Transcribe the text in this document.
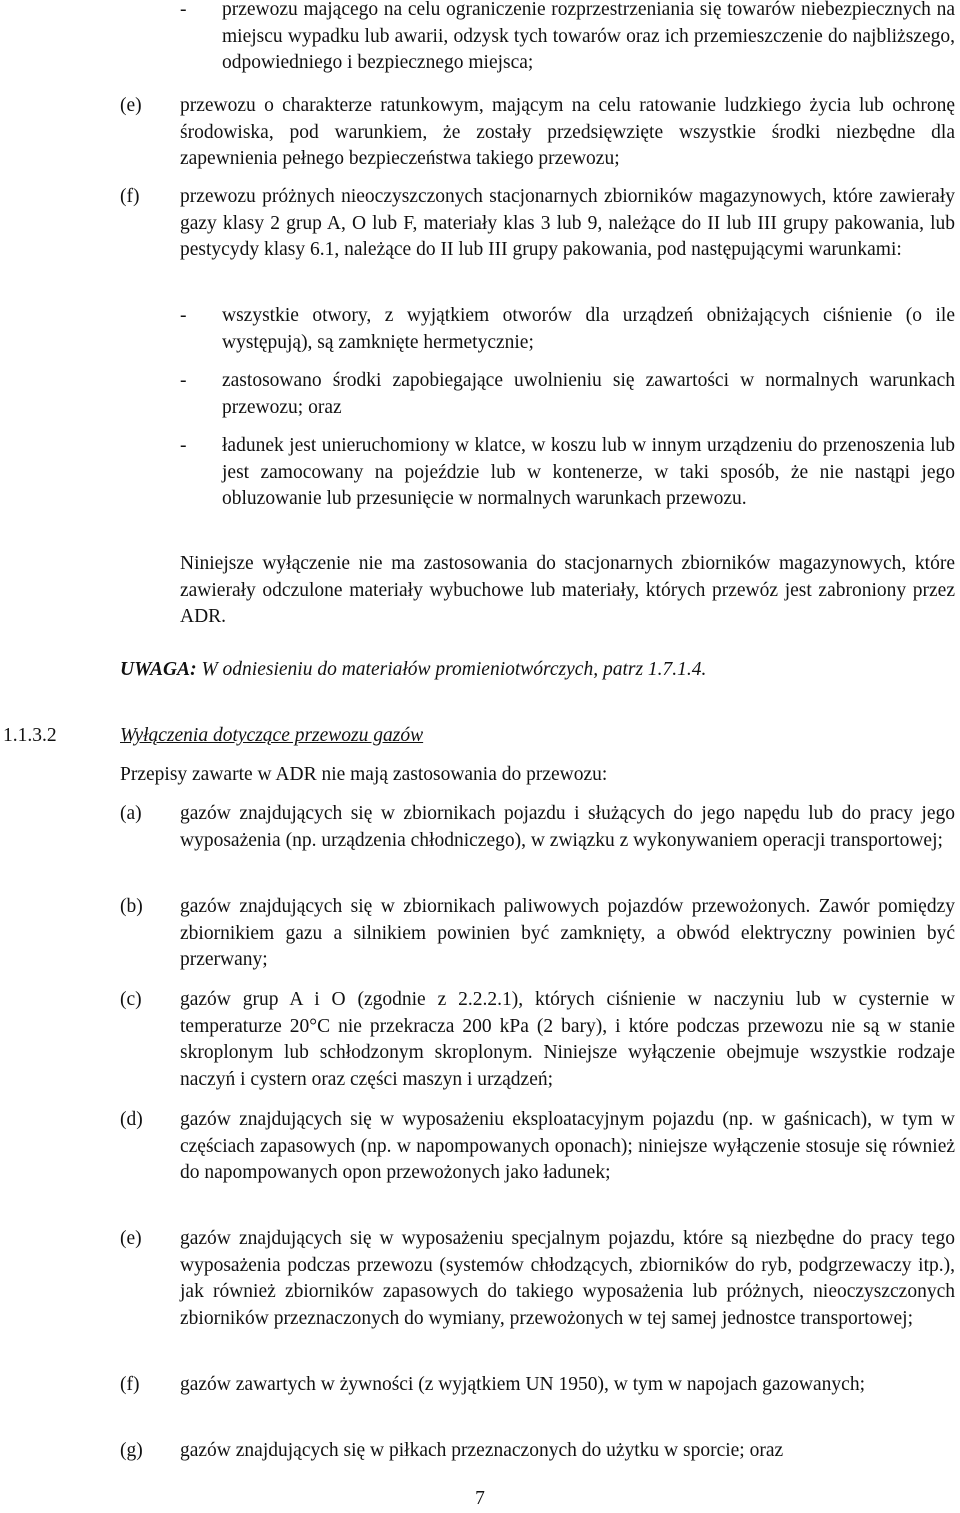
- przewozu mającego na celu ograniczenie rozprzestrzeniania się towarów niebezpiecznych na miejscu wypadku lub awarii, odzysk tych towarów oraz ich przemieszczenie do najbliższego, odpowiedniego i bezpiecznego miejsca;
(e) przewozu o charakterze ratunkowym, mającym na celu ratowanie ludzkiego życia lub ochronę środowiska, pod warunkiem, że zostały przedsięwzięte wszystkie środki niezbędne dla zapewnienia pełnego bezpieczeństwa takiego przewozu;
(f) przewozu próżnych nieoczyszczonych stacjonarnych zbiorników magazynowych, które zawierały gazy klasy 2 grup A, O lub F, materiały klas 3 lub 9, należące do II lub III grupy pakowania, lub pestycydy klasy 6.1, należące do II lub III grupy pakowania, pod następującymi warunkami:
- wszystkie otwory, z wyjątkiem otworów dla urządzeń obniżających ciśnienie (o ile występują), są zamknięte hermetycznie;
- zastosowano środki zapobiegające uwolnieniu się zawartości w normalnych warunkach przewozu; oraz
- ładunek jest unieruchomiony w klatce, w koszu lub w innym urządzeniu do przenoszenia lub jest zamocowany na pojeździe lub w kontenerze, w taki sposób, że nie nastąpi jego obluzowanie lub przesunięcie w normalnych warunkach przewozu.
Niniejsze wyłączenie nie ma zastosowania do stacjonarnych zbiorników magazynowych, które zawierały odczulone materiały wybuchowe lub materiały, których przewóz jest zabroniony przez ADR.
UWAGA: W odniesieniu do materiałów promieniotwórczych, patrz 1.7.1.4.
1.1.3.2	Wyłączenia dotyczące przewozu gazów
Przepisy zawarte w ADR nie mają zastosowania do przewozu:
(a) gazów znajdujących się w zbiornikach pojazdu i służących do jego napędu lub do pracy jego wyposażenia (np. urządzenia chłodniczego), w związku z wykonywaniem operacji transportowej;
(b) gazów znajdujących się w zbiornikach paliwowych pojazdów przewożonych. Zawór pomiędzy zbiornikiem gazu a silnikiem powinien być zamknięty, a obwód elektryczny powinien być przerwany;
(c) gazów grup A i O (zgodnie z 2.2.2.1), których ciśnienie w naczyniu lub w cysternie w temperaturze 20°C nie przekracza 200 kPa (2 bary), i które podczas przewozu nie są w stanie skroplonym lub schłodzonym skroplonym. Niniejsze wyłączenie obejmuje wszystkie rodzaje naczyń i cystern oraz części maszyn i urządzeń;
(d) gazów znajdujących się w wyposażeniu eksploatacyjnym pojazdu (np. w gaśnicach), w tym w częściach zapasowych (np. w napompowanych oponach); niniejsze wyłączenie stosuje się również do napompowanych opon przewożonych jako ładunek;
(e) gazów znajdujących się w wyposażeniu specjalnym pojazdu, które są niezbędne do pracy tego wyposażenia podczas przewozu (systemów chłodzących, zbiorników do ryb, podgrzewaczy itp.), jak również zbiorników zapasowych do takiego wyposażenia lub próżnych, nieoczyszczonych zbiorników przeznaczonych do wymiany, przewożonych w tej samej jednostce transportowej;
(f) gazów zawartych w żywności (z wyjątkiem UN 1950), w tym w napojach gazowanych;
(g) gazów znajdujących się w piłkach przeznaczonych do użytku w sporcie; oraz
7
